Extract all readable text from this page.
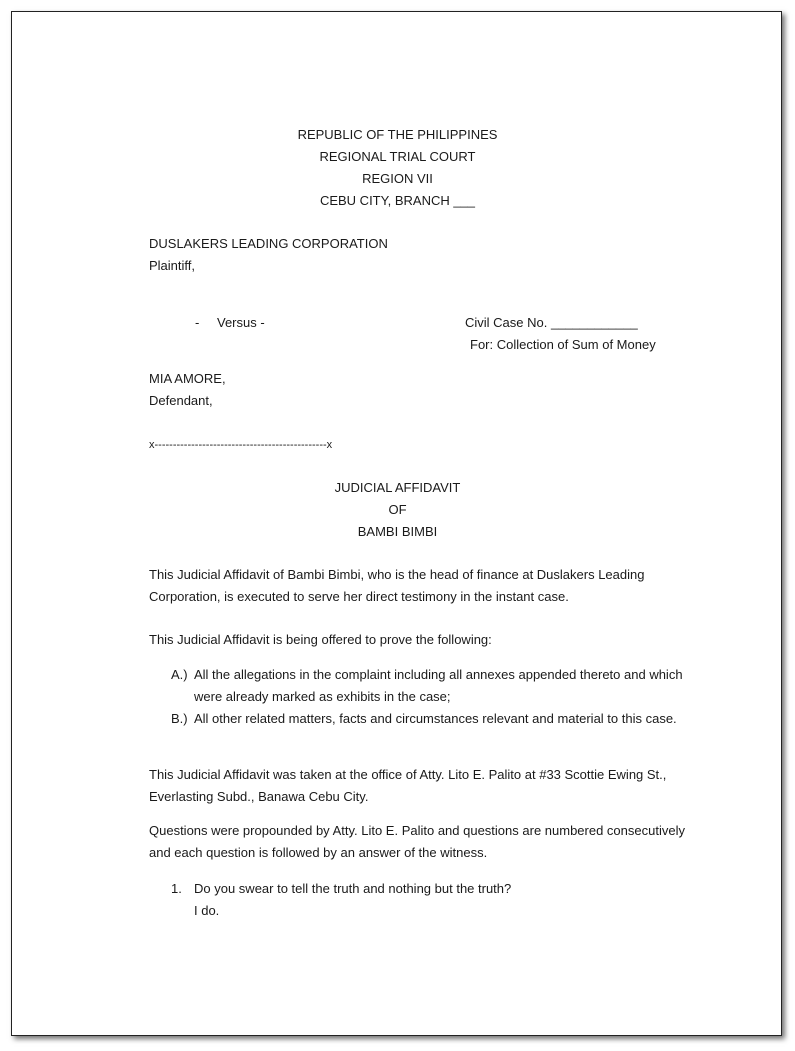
REPUBLIC OF THE PHILIPPINES
REGIONAL TRIAL COURT
REGION VII
CEBU CITY, BRANCH ___
DUSLAKERS LEADING CORPORATION
Plaintiff,
- Versus -	Civil Case No. ____________
For: Collection of Sum of Money
MIA AMORE,
Defendant,
x-----------------------------------------------x
JUDICIAL AFFIDAVIT
OF
BAMBI BIMBI
This Judicial Affidavit of Bambi Bimbi, who is the head of finance at Duslakers Leading Corporation, is executed to serve her direct testimony in the instant case.
This Judicial Affidavit is being offered to prove the following:
A.) All the allegations in the complaint including all annexes appended thereto and which were already marked as exhibits in the case;
B.) All other related matters, facts and circumstances relevant and material to this case.
This Judicial Affidavit was taken at the office of Atty. Lito E. Palito at #33 Scottie Ewing St., Everlasting Subd., Banawa Cebu City.
Questions were propounded by Atty. Lito E. Palito and questions are numbered consecutively and each question is followed by an answer of the witness.
1. Do you swear to tell the truth and nothing but the truth?
I do.
